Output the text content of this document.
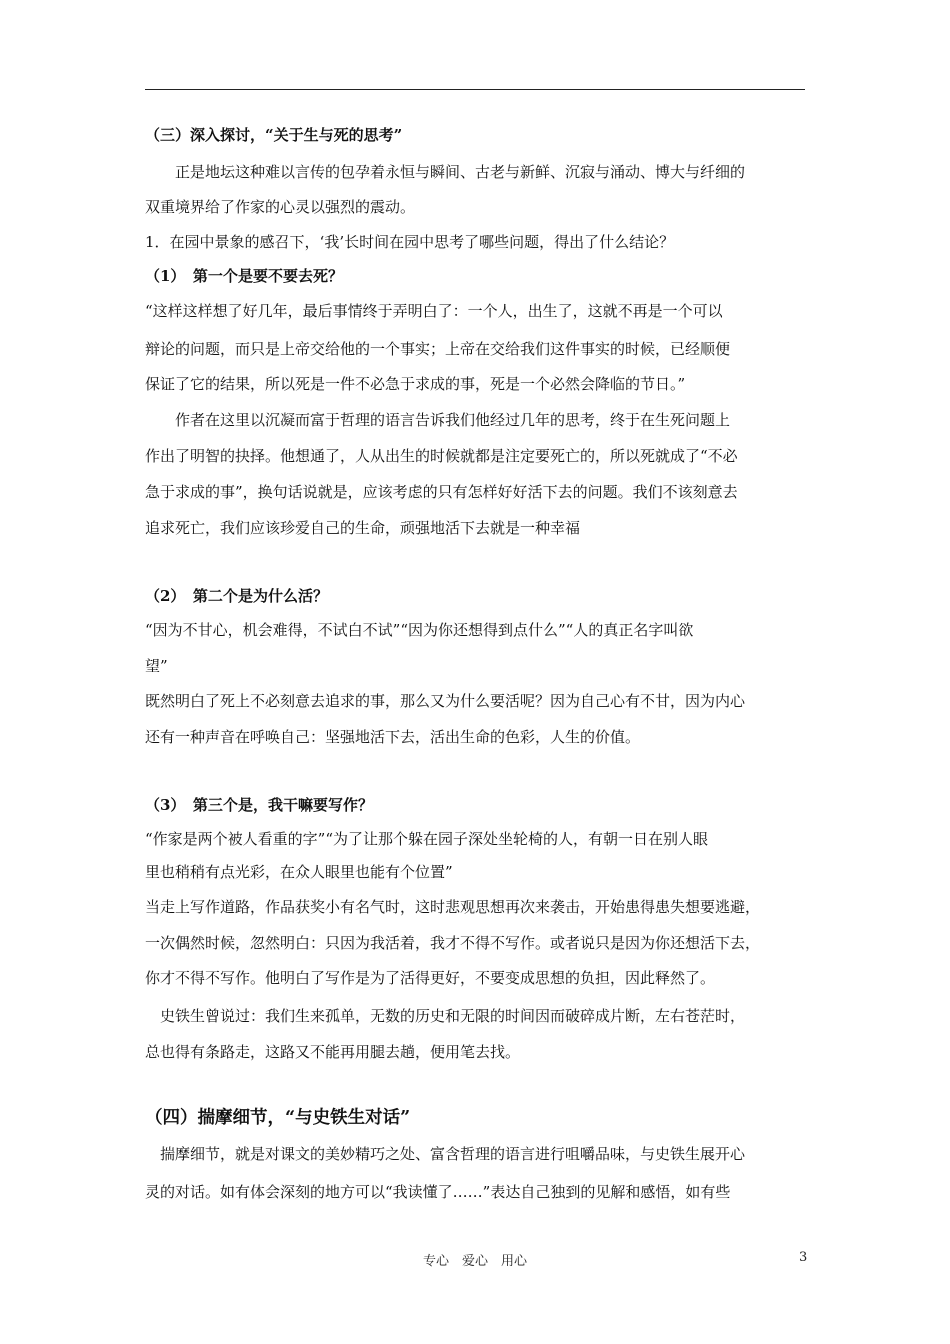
（三）深入探讨，“关于生与死的思考”
　　正是地坛这种难以言传的包孕着永恒与瞬间、古老与新鲜、沉寂与涌动、博大与纤细的
双重境界给了作家的心灵以强烈的震动。
1．在园中景象的感召下，‘我’长时间在园中思考了哪些问题，得出了什么结论？
（1）　第一个是要不要去死？
“这样这样想了好几年，最后事情终于弄明白了：一个人，出生了，这就不再是一个可以
辩论的问题，而只是上帝交给他的一个事实；上帝在交给我们这件事实的时候，已经顺便
保证了它的结果，所以死是一件不必急于求成的事，死是一个必然会降临的节日。”
　　作者在这里以沉凝而富于哲理的语言告诉我们他经过几年的思考，终于在生死问题上
作出了明智的抉择。他想通了，人从出生的时候就都是注定要死亡的，所以死就成了“不必
急于求成的事”，换句话说就是，应该考虑的只有怎样好好活下去的问题。我们不该刻意去
追求死亡，我们应该珍爱自己的生命，顽强地活下去就是一种幸福
（2）　第二个是为什么活？
“因为不甘心，机会难得，不试白不试”“因为你还想得到点什么”“人的真正名字叫欲
望”
既然明白了死上不必刻意去追求的事，那么又为什么要活呢？因为自己心有不甘，因为内心
还有一种声音在呼唤自己：坚强地活下去，活出生命的色彩，人生的价值。
（3）　第三个是，我干嘛要写作？
“作家是两个被人看重的字”“为了让那个躲在园子深处坐轮椅的人，有朝一日在别人眼
里也稍稍有点光彩，在众人眼里也能有个位置”
当走上写作道路，作品获奖小有名气时，这时悲观思想再次来袭击，开始患得患失想要逃避，
一次偶然时候，忽然明白：只因为我活着，我才不得不写作。或者说只是因为你还想活下去，
你才不得不写作。他明白了写作是为了活得更好，不要变成思想的负担，因此释然了。
　史铁生曾说过：我们生来孤单，无数的历史和无限的时间因而破碎成片断，左右苍茫时，
总也得有条路走，这路又不能再用腿去趟，便用笔去找。
（四）揣摩细节，“与史铁生对话”
　揣摩细节，就是对课文的美妙精巧之处、富含哲理的语言进行咀嚼品味，与史铁生展开心
灵的对话。如有体会深刻的地方可以“我读懂了……”表达自己独到的见解和感悟，如有些
专心　爱心　用心	3
